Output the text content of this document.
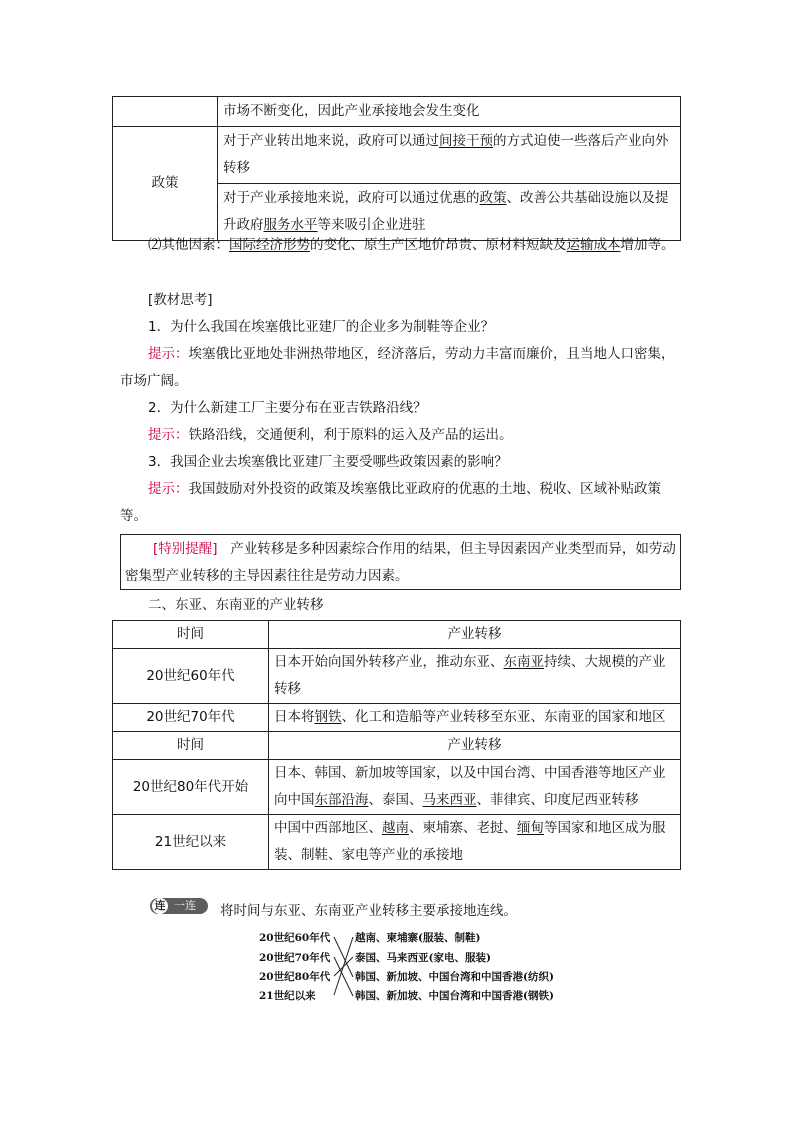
	市场不断变化，因此产业承接地会发生变化
政策	对于产业转出地来说，政府可以通过间接干预的方式迫使一些落后产业向外转移
	对于产业承接地来说，政府可以通过优惠的政策、改善公共基础设施以及提升政府服务水平等来吸引企业进驻
⑵其他因素：国际经济形势的变化、原生产区地价昂贵、原材料短缺及运输成本增加等。
[教材思考]
1．为什么我国在埃塞俄比亚建厂的企业多为制鞋等企业？
提示：埃塞俄比亚地处非洲热带地区，经济落后，劳动力丰富而廉价，且当地人口密集，市场广阔。
2．为什么新建工厂主要分布在亚吉铁路沿线？
提示：铁路沿线，交通便利，利于原料的运入及产品的运出。
3．我国企业去埃塞俄比亚建厂主要受哪些政策因素的影响？
提示：我国鼓励对外投资的政策及埃塞俄比亚政府的优惠的土地、税收、区域补贴政策等。
[特别提醒] 产业转移是多种因素综合作用的结果，但主导因素因产业类型而异，如劳动密集型产业转移的主导因素往往是劳动力因素。
二、东亚、东南亚的产业转移
时间	产业转移
20世纪60年代	日本开始向国外转移产业，推动东亚、东南亚持续、大规模的产业转移
20世纪70年代	日本将钢铁、化工和造船等产业转移至东亚、东南亚的国家和地区
时间	产业转移
20世纪80年代开始	日本、韩国、新加坡等国家，以及中国台湾、中国香港等地区产业向中国东部沿海、泰国、马来西亚、菲律宾、印度尼西亚转移
21世纪以来	中国中西部地区、越南、柬埔寨、老挝、缅甸等国家和地区成为服装、制鞋、家电等产业的承接地
连 一连 将时间与东亚、东南亚产业转移主要承接地连线。
20世纪60年代
20世纪70年代
20世纪80年代
21世纪以来
越南、柬埔寨(服装、制鞋)
泰国、马来西亚(家电、服装)
韩国、新加坡、中国台湾和中国香港(纺织)
韩国、新加坡、中国台湾和中国香港(钢铁)
